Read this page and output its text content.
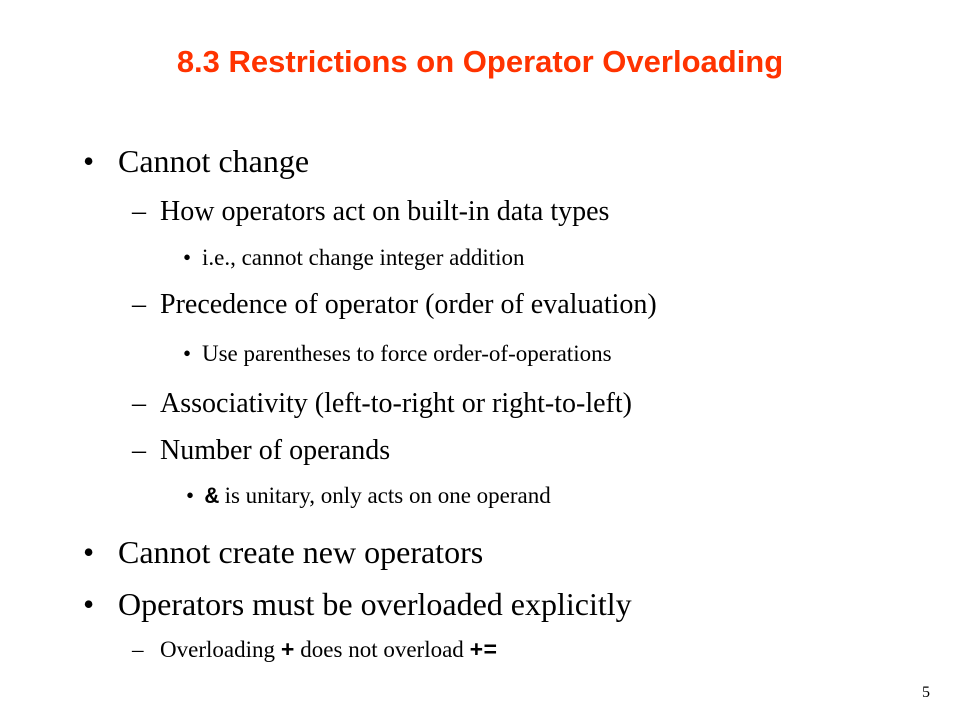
8.3 Restrictions on Operator Overloading
• Cannot change
– How operators act on built-in data types
• i.e., cannot change integer addition
– Precedence of operator (order of evaluation)
• Use parentheses to force order-of-operations
– Associativity (left-to-right or right-to-left)
– Number of operands
• & is unitary, only acts on one operand
• Cannot create new operators
• Operators must be overloaded explicitly
– Overloading + does not overload +=
5
